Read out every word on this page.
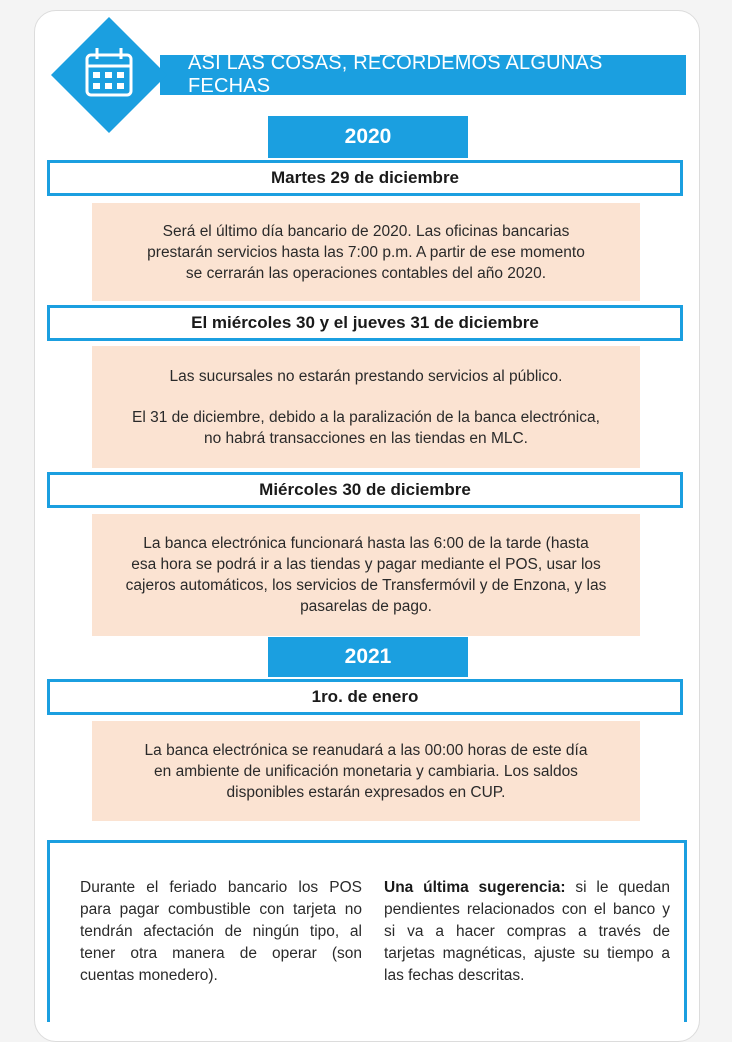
ASÍ LAS COSAS, RECORDEMOS ALGUNAS FECHAS
2020
Martes 29 de diciembre

Será el último día bancario de 2020. Las oficinas bancarias
prestarán servicios hasta las 7:00 p.m. A partir de ese momento
se cerrarán las operaciones contables del año 2020.

El miércoles 30 y el jueves 31 de diciembre

Las sucursales no estarán prestando servicios al público.

El 31 de diciembre, debido a la paralización de la banca electrónica,
no habrá transacciones en las tiendas en MLC.

Miércoles 30 de diciembre

La banca electrónica funcionará hasta las 6:00 de la tarde (hasta
esa hora se podrá ir a las tiendas y pagar mediante el POS, usar los
cajeros automáticos, los servicios de Transfermóvil y de Enzona, y las
pasarelas de pago.

2021
1ro. de enero

La banca electrónica se reanudará a las 00:00 horas de este día
en ambiente de unificación monetaria y cambiaria. Los saldos
disponibles estarán expresados en CUP.

Durante el feriado bancario los POS para pagar combustible con tarjeta no tendrán afectación de ningún tipo, al tener otra manera de operar (son cuentas monedero).
Una última sugerencia: si le quedan pendientes relacionados con el banco y si va a hacer compras a través de tarjetas magnéticas, ajuste su tiempo a las fechas descritas.
